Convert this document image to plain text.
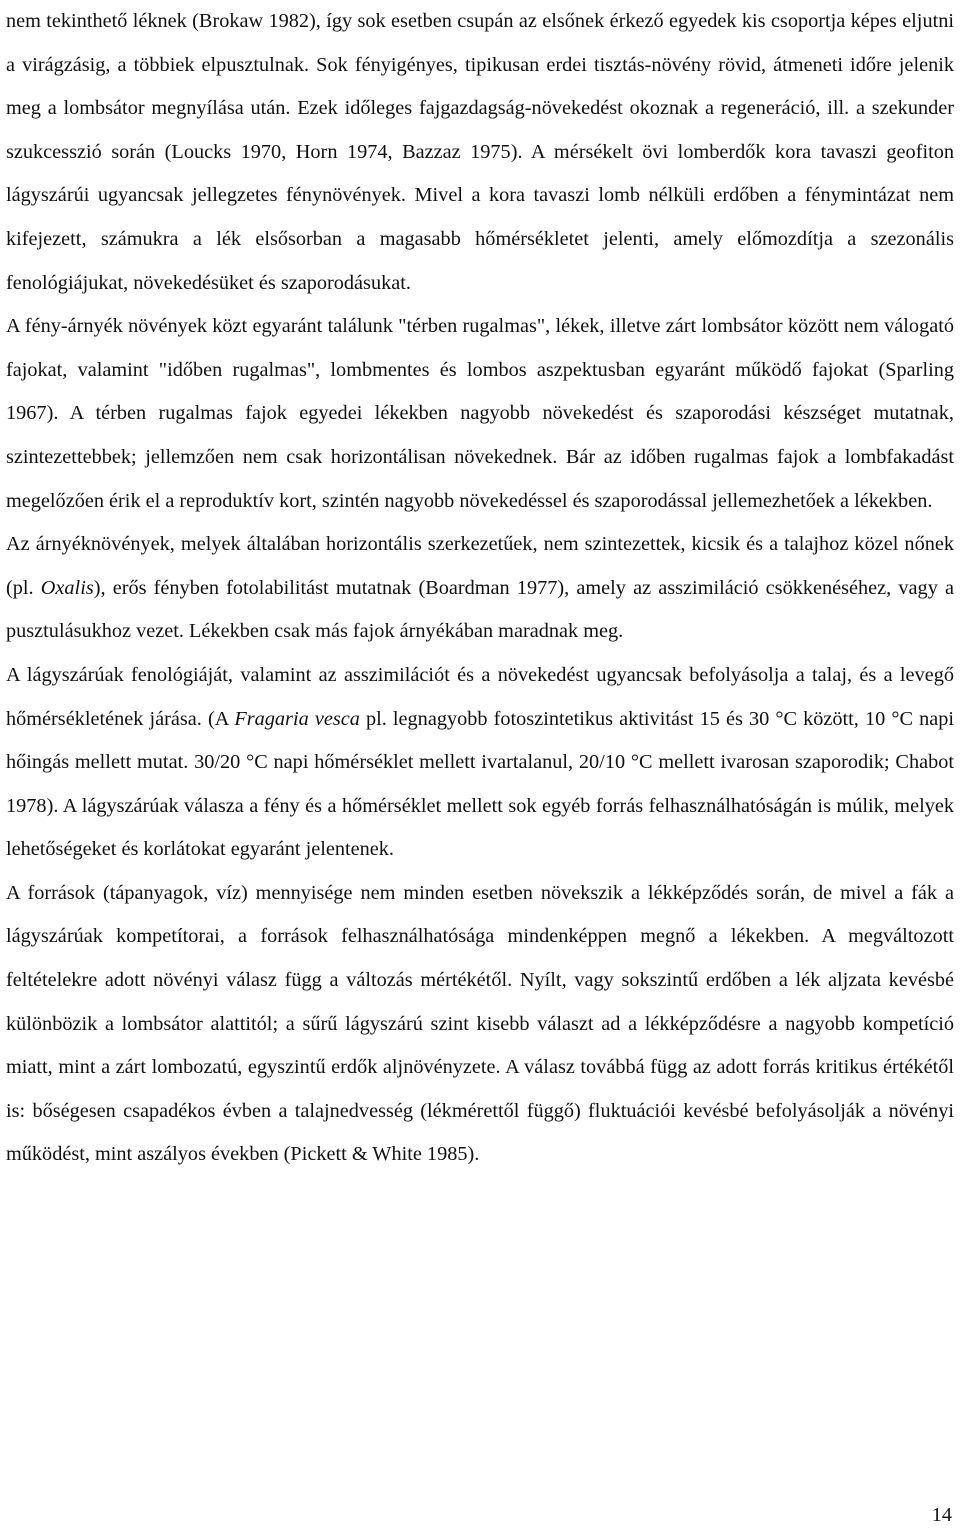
nem tekinthető léknek (Brokaw 1982), így sok esetben csupán az elsőnek érkező egyedek kis csoportja képes eljutni a virágzásig, a többiek elpusztulnak. Sok fényigényes, tipikusan erdei tisztás-növény rövid, átmeneti időre jelenik meg a lombsátor megnyílása után. Ezek időleges fajgazdagság-növekedést okoznak a regeneráció, ill. a szekunder szukcesszió során (Loucks 1970, Horn 1974, Bazzaz 1975). A mérsékelt övi lomberdők kora tavaszi geofiton lágyszárúi ugyancsak jellegzetes fénynövények. Mivel a kora tavaszi lomb nélküli erdőben a fénymintázat nem kifejezett, számukra a lék elsősorban a magasabb hőmérsékletet jelenti, amely előmozdítja a szezonális fenológiájukat, növekedésüket és szaporodásukat.

A fény-árnyék növények közt egyaránt találunk "térben rugalmas", lékek, illetve zárt lombsátor között nem válogató fajokat, valamint "időben rugalmas", lombmentes és lombos aszpektusban egyaránt működő fajokat (Sparling 1967). A térben rugalmas fajok egyedei lékekben nagyobb növekedést és szaporodási készséget mutatnak, szintezettebbek; jellemzően nem csak horizontálisan növekednek. Bár az időben rugalmas fajok a lombfakadást megelőzően érik el a reproduktív kort, szintén nagyobb növekedéssel és szaporodással jellemezhetőek a lékekben.

Az árnyéknövények, melyek általában horizontális szerkezetűek, nem szintezettek, kicsik és a talajhoz közel nőnek (pl. Oxalis), erős fényben fotolabilitást mutatnak (Boardman 1977), amely az asszimiláció csökkenéséhez, vagy a pusztulásukhoz vezet. Lékekben csak más fajok árnyékában maradnak meg.

A lágyszárúak fenológiáját, valamint az asszimilációt és a növekedést ugyancsak befolyásolja a talaj, és a levegő hőmérsékletének járása. (A Fragaria vesca pl. legnagyobb fotoszintetikus aktivitást 15 és 30 °C között, 10 °C napi hőingás mellett mutat. 30/20 °C napi hőmérséklet mellett ivartalanul, 20/10 °C mellett ivarosan szaporodik; Chabot 1978). A lágyszárúak válasza a fény és a hőmérséklet mellett sok egyéb forrás felhasználhatóságán is múlik, melyek lehetőségeket és korlátokat egyaránt jelentenek.

A források (tápanyagok, víz) mennyisége nem minden esetben növekszik a lékképződés során, de mivel a fák a lágyszárúak kompetítorai, a források felhasználhatósága mindenképpen megnő a lékekben. A megváltozott feltételekre adott növényi válasz függ a változás mértékétől. Nyílt, vagy sokszintű erdőben a lék aljzata kevésbé különbözik a lombsátor alattitól; a sűrű lágyszárú szint kisebb választ ad a lékképződésre a nagyobb kompetíció miatt, mint a zárt lombozatú, egyszintű erdők aljnövényzete. A válasz továbbá függ az adott forrás kritikus értékétől is: bőségesen csapadékos évben a talajnedvesség (lékmérettől függő) fluktuációi kevésbé befolyásolják a növényi működést, mint aszályos években (Pickett & White 1985).

14
